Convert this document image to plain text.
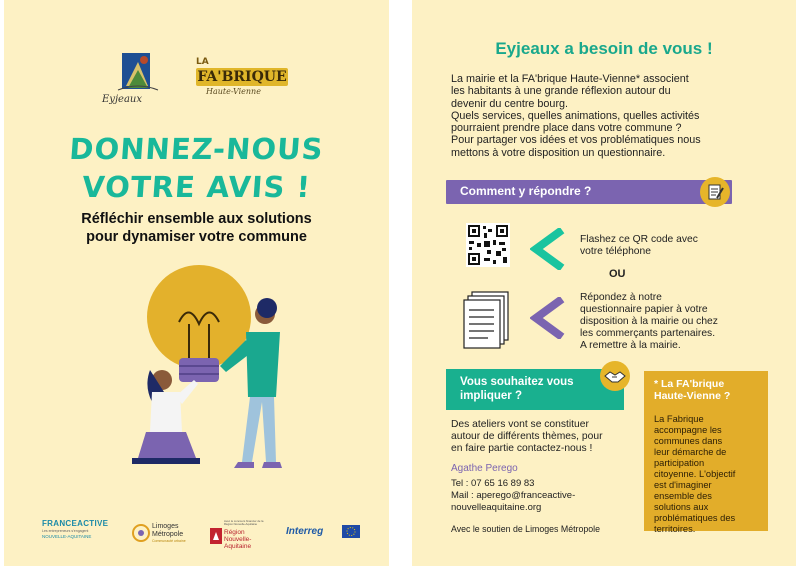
Eyjeaux
LA
FA'BRIQUE
Haute-Vienne
DONNEZ-NOUS
VOTRE AVIS !
Réfléchir ensemble aux solutions
pour dynamiser votre commune
FRANCEACTIVE
Les entrepreneurs s'engagent
NOUVELLE-AQUITAINE
Limoges
Métropole
Communauté urbaine
Avec le concours financier de la Région Nouvelle-Aquitaine
Région
Nouvelle-
Aquitaine
Interreg
Eyjeaux a besoin de vous !
La mairie et la FA'brique Haute-Vienne* associent
les habitants à une grande réflexion autour du
devenir du centre bourg.
Quels services, quelles animations, quelles activités
pourraient prendre place dans votre commune ?
Pour partager vos idées et vos problématiques nous
mettons à votre disposition un questionnaire.
Comment y répondre ?
Flashez ce QR code avec
votre téléphone
OU
Répondez à notre
questionnaire papier à votre
disposition à la mairie ou chez
les commerçants partenaires.
A remettre à la mairie.
Vous souhaitez vous
impliquer ?
Des ateliers vont se constituer
autour de différents thèmes, pour
en faire partie contactez-nous !
Agathe Perego
Tel : 07 65 16 89 83
Mail : aperego@franceactive-
nouvelleaquitaine.org
Avec le soutien de Limoges Métropole
* La FA'brique
Haute-Vienne ?
La Fabrique
accompagne les
communes dans
leur démarche de
participation
citoyenne. L'objectif
est d'imaginer
ensemble des
solutions aux
problématiques des
territoires.
